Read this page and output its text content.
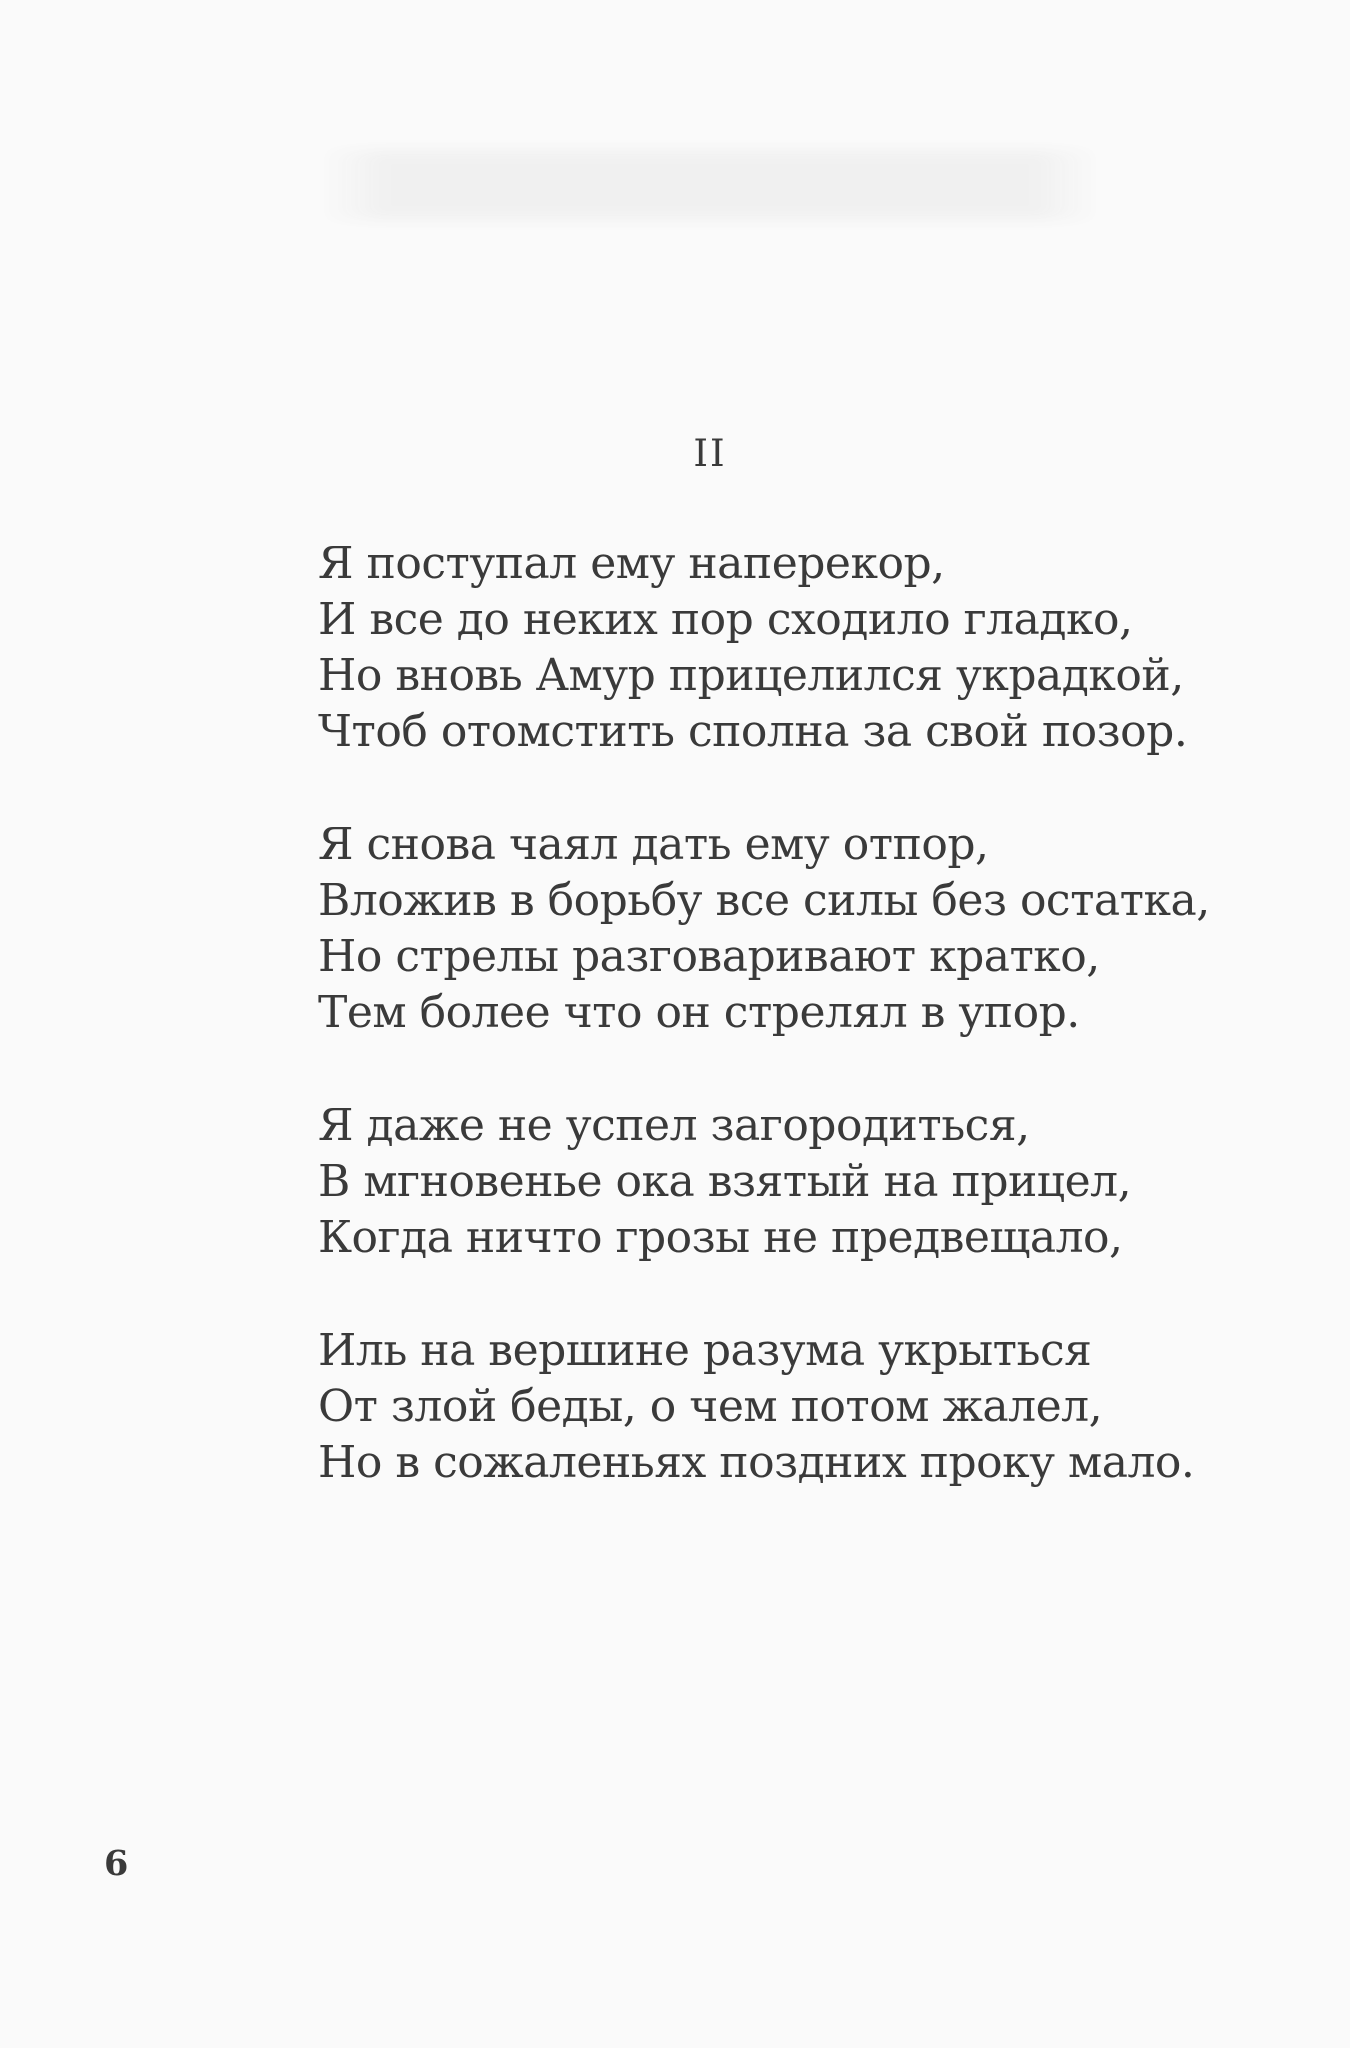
II
Я поступал ему наперекор,
И все до неких пор сходило гладко,
Но вновь Амур прицелился украдкой,
Чтоб отомстить сполна за свой позор.
Я снова чаял дать ему отпор,
Вложив в борьбу все силы без остатка,
Но стрелы разговаривают кратко,
Тем более что он стрелял в упор.
Я даже не успел загородиться,
В мгновенье ока взятый на прицел,
Когда ничто грозы не предвещало,
Иль на вершине разума укрыться
От злой беды, о чем потом жалел,
Но в сожаленьях поздних проку мало.
6
